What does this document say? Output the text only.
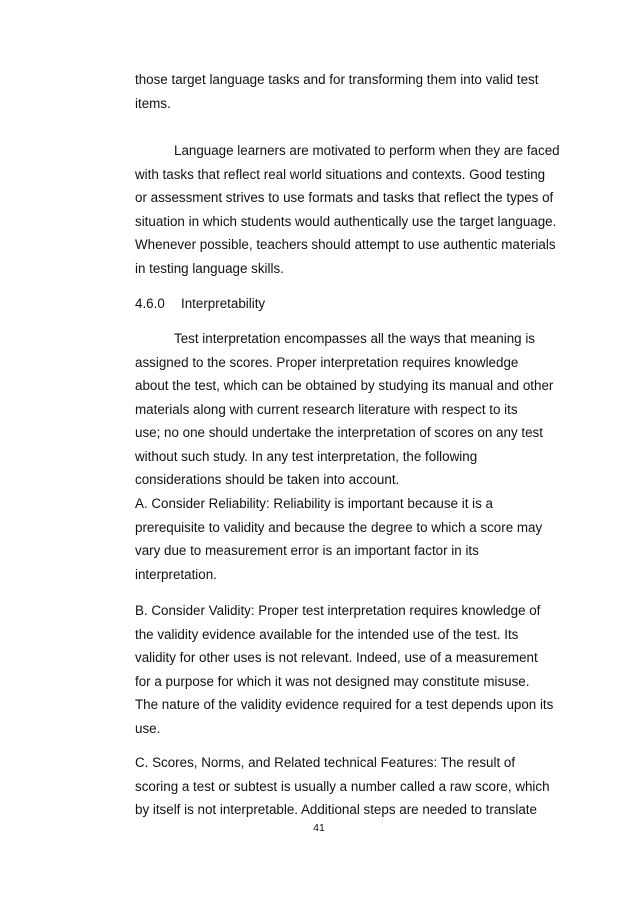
those target language tasks and for transforming them into valid test
items.
Language learners are motivated to perform when they are faced
with tasks that reflect real world situations and contexts. Good testing
or assessment strives to use formats and tasks that reflect the types of
situation in which students would authentically use the target language.
Whenever possible, teachers should attempt to use authentic materials
in testing language skills.
4.6.0 Interpretability
Test interpretation encompasses all the ways that meaning is
assigned to the scores. Proper interpretation requires knowledge
about the test, which can be obtained by studying its manual and other
materials along with current research literature with respect to its
use; no one should undertake the interpretation of scores on any test
without such study. In any test interpretation, the following
considerations should be taken into account.
A. Consider Reliability: Reliability is important because it is a
prerequisite to validity and because the degree to which a score may
vary due to measurement error is an important factor in its
interpretation.
B. Consider Validity: Proper test interpretation requires knowledge of
the validity evidence available for the intended use of the test. Its
validity for other uses is not relevant. Indeed, use of a measurement
for a purpose for which it was not designed may constitute misuse.
The nature of the validity evidence required for a test depends upon its
use.
C. Scores, Norms, and Related technical Features: The result of
scoring a test or subtest is usually a number called a raw score, which
by itself is not interpretable. Additional steps are needed to translate
41
